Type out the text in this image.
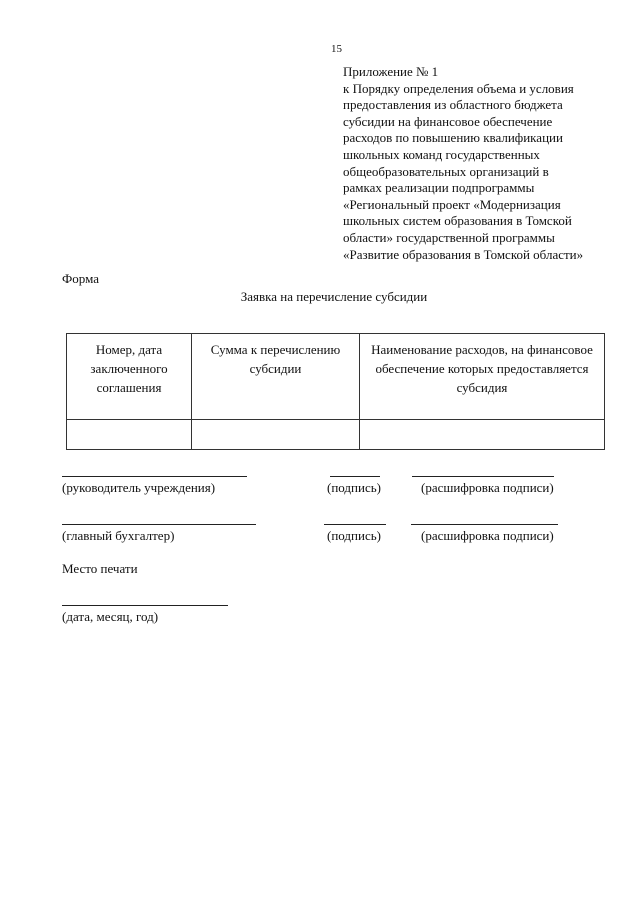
15
Приложение № 1
к Порядку определения объема и условия
предоставления из областного бюджета
субсидии на финансовое обеспечение
расходов по повышению квалификации
школьных команд государственных
общеобразовательных организаций в
рамках реализации подпрограммы
«Региональный проект «Модернизация
школьных систем образования в Томской
области» государственной программы
«Развитие образования в Томской области»
Форма
Заявка на перечисление субсидии
Номер, дата заключенного соглашения	Сумма к перечислению субсидии	Наименование расходов, на финансовое обеспечение которых предоставляется субсидия

(руководитель учреждения)	(подпись)	(расшифровка подписи)
(главный бухгалтер)	(подпись)	(расшифровка подписи)
Место печати
(дата, месяц, год)
